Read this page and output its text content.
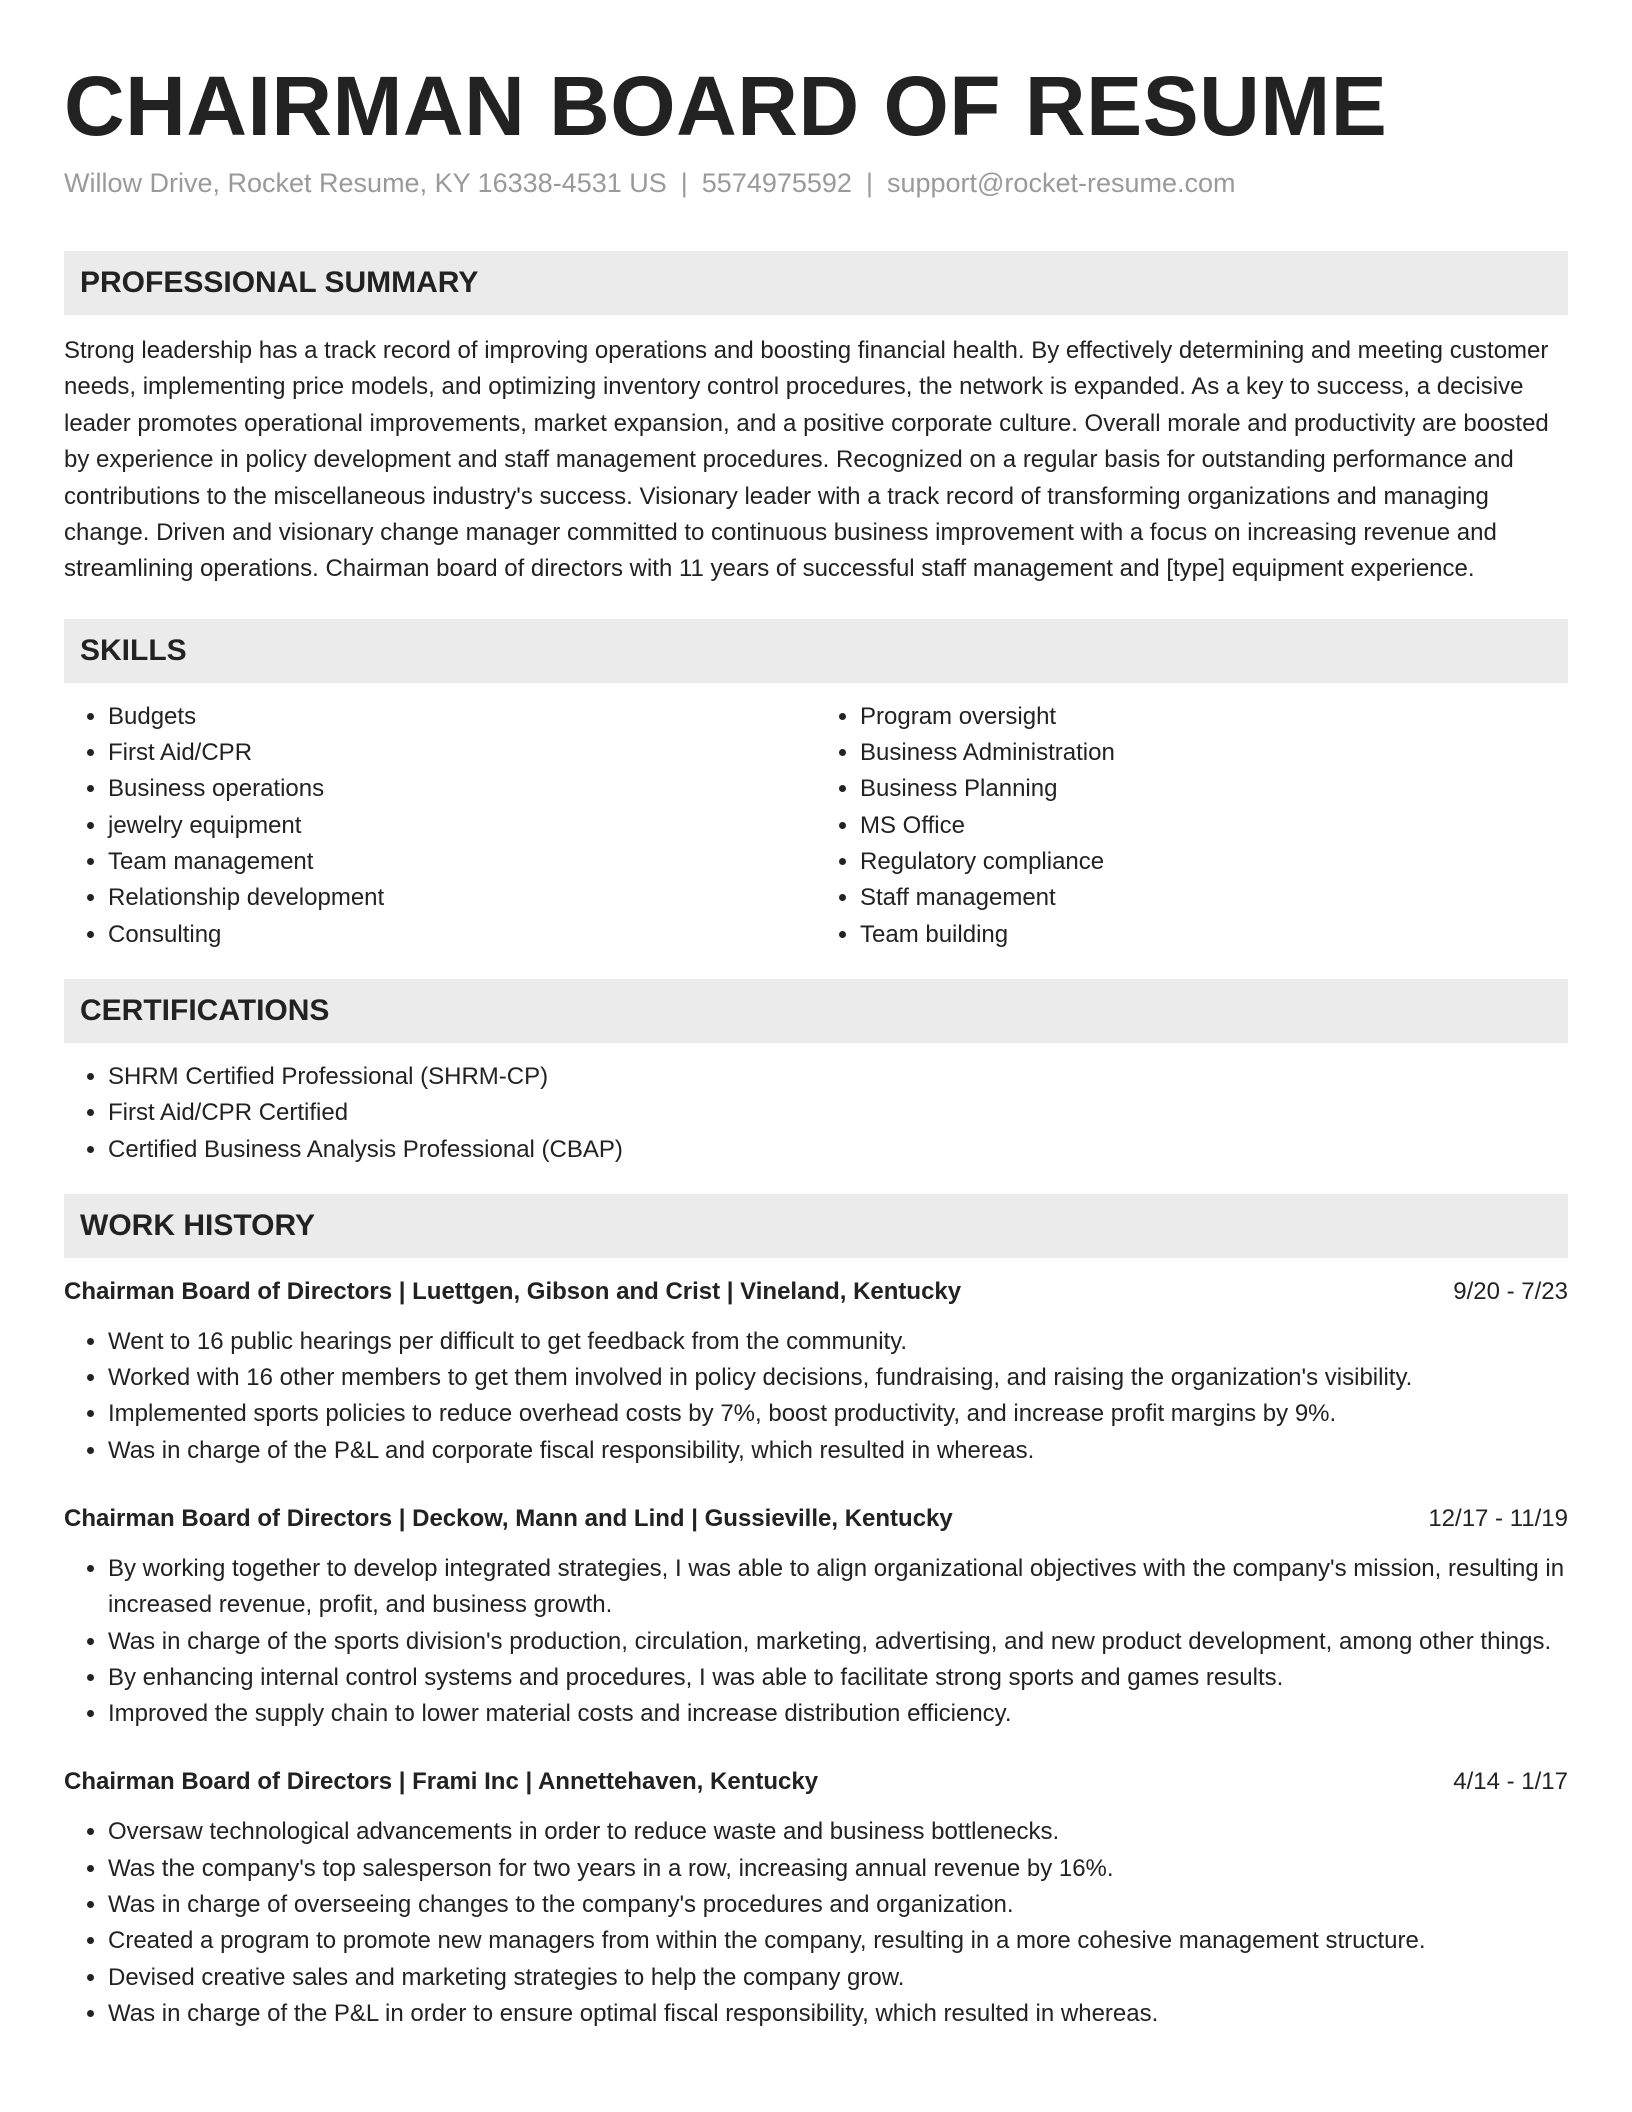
CHAIRMAN BOARD OF RESUME
Willow Drive, Rocket Resume, KY 16338-4531 US | 5574975592 | support@rocket-resume.com
PROFESSIONAL SUMMARY

Strong leadership has a track record of improving operations and boosting financial health. By effectively determining and meeting customer needs, implementing price models, and optimizing inventory control procedures, the network is expanded. As a key to success, a decisive leader promotes operational improvements, market expansion, and a positive corporate culture. Overall morale and productivity are boosted by experience in policy development and staff management procedures. Recognized on a regular basis for outstanding performance and contributions to the miscellaneous industry's success. Visionary leader with a track record of transforming organizations and managing change. Driven and visionary change manager committed to continuous business improvement with a focus on increasing revenue and streamlining operations. Chairman board of directors with 11 years of successful staff management and [type] equipment experience.

SKILLS
• Budgets
• First Aid/CPR
• Business operations
• jewelry equipment
• Team management
• Relationship development
• Consulting
• Program oversight
• Business Administration
• Business Planning
• MS Office
• Regulatory compliance
• Staff management
• Team building
CERTIFICATIONS
• SHRM Certified Professional (SHRM-CP)
• First Aid/CPR Certified
• Certified Business Analysis Professional (CBAP)
WORK HISTORY
Chairman Board of Directors | Luettgen, Gibson and Crist | Vineland, Kentucky	9/20 - 7/23
• Went to 16 public hearings per difficult to get feedback from the community.
• Worked with 16 other members to get them involved in policy decisions, fundraising, and raising the organization's visibility.
• Implemented sports policies to reduce overhead costs by 7%, boost productivity, and increase profit margins by 9%.
• Was in charge of the P&L and corporate fiscal responsibility, which resulted in whereas.
Chairman Board of Directors | Deckow, Mann and Lind | Gussieville, Kentucky	12/17 - 11/19
• By working together to develop integrated strategies, I was able to align organizational objectives with the company's mission, resulting in increased revenue, profit, and business growth.
• Was in charge of the sports division's production, circulation, marketing, advertising, and new product development, among other things.
• By enhancing internal control systems and procedures, I was able to facilitate strong sports and games results.
• Improved the supply chain to lower material costs and increase distribution efficiency.
Chairman Board of Directors | Frami Inc | Annettehaven, Kentucky	4/14 - 1/17
• Oversaw technological advancements in order to reduce waste and business bottlenecks.
• Was the company's top salesperson for two years in a row, increasing annual revenue by 16%.
• Was in charge of overseeing changes to the company's procedures and organization.
• Created a program to promote new managers from within the company, resulting in a more cohesive management structure.
• Devised creative sales and marketing strategies to help the company grow.
• Was in charge of the P&L in order to ensure optimal fiscal responsibility, which resulted in whereas.
